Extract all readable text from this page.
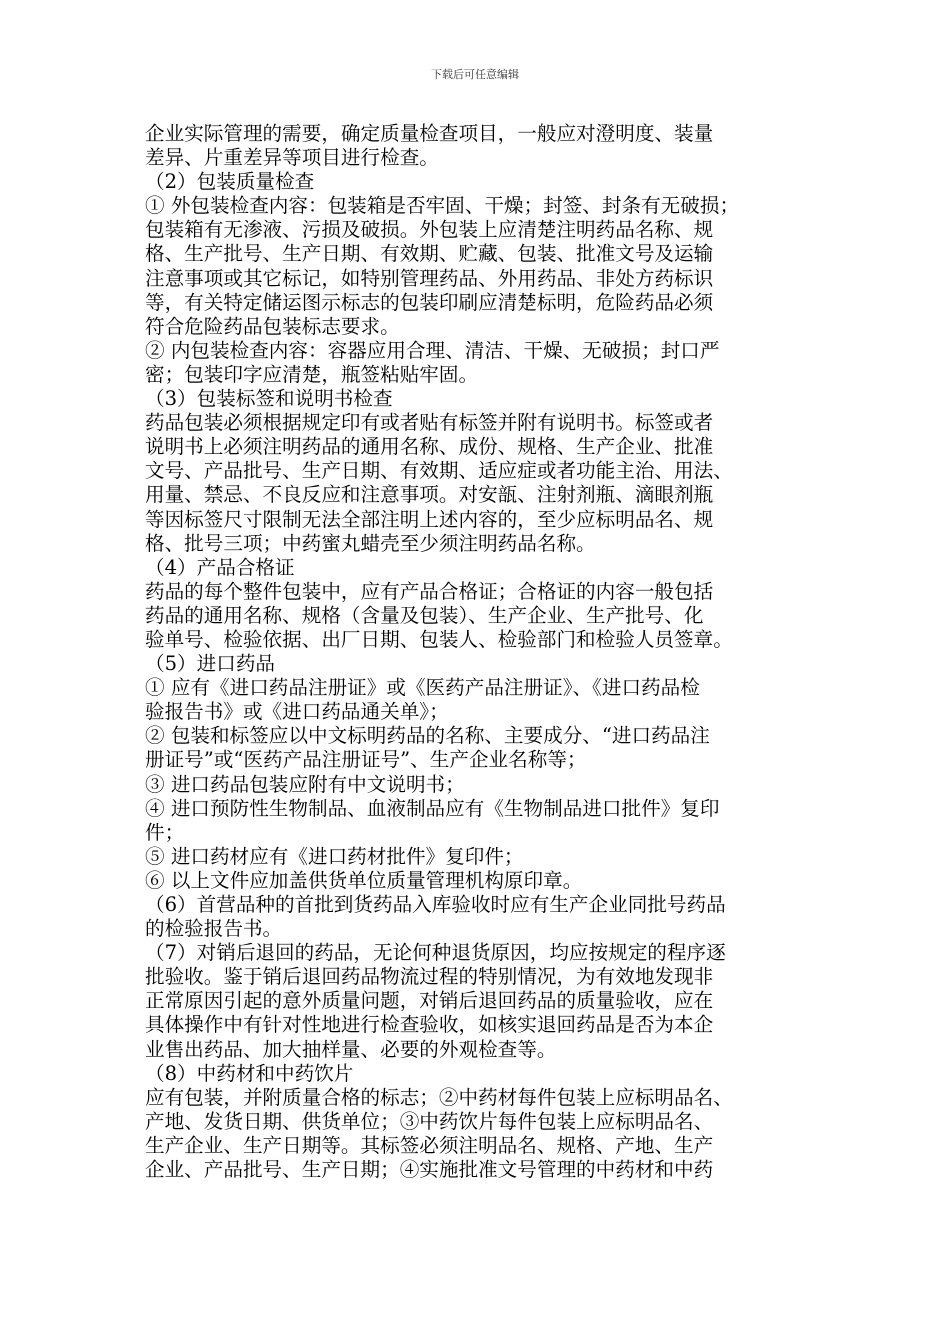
下载后可任意编辑
企业实际管理的需要，确定质量检查项目，一般应对澄明度、装量
差异、片重差异等项目进行检查。
（2）包装质量检查
① 外包装检查内容：包装箱是否牢固、干燥；封签、封条有无破损；
包装箱有无渗液、污损及破损。外包装上应清楚注明药品名称、规
格、生产批号、生产日期、有效期、贮藏、包装、批准文号及运输
注意事项或其它标记，如特别管理药品、外用药品、非处方药标识
等，有关特定储运图示标志的包装印刷应清楚标明，危险药品必须
符合危险药品包装标志要求。
② 内包装检查内容：容器应用合理、清洁、干燥、无破损；封口严
密；包装印字应清楚，瓶签粘贴牢固。
（3）包装标签和说明书检查
药品包装必须根据规定印有或者贴有标签并附有说明书。标签或者
说明书上必须注明药品的通用名称、成份、规格、生产企业、批准
文号、产品批号、生产日期、有效期、适应症或者功能主治、用法、
用量、禁忌、不良反应和注意事项。对安瓿、注射剂瓶、滴眼剂瓶
等因标签尺寸限制无法全部注明上述内容的，至少应标明品名、规
格、批号三项；中药蜜丸蜡壳至少须注明药品名称。
（4）产品合格证
药品的每个整件包装中，应有产品合格证；合格证的内容一般包括
药品的通用名称、规格（含量及包装）、生产企业、生产批号、化
验单号、检验依据、出厂日期、包装人、检验部门和检验人员签章。
（5）进口药品
① 应有《进口药品注册证》或《医药产品注册证》、《进口药品检
验报告书》或《进口药品通关单》；
② 包装和标签应以中文标明药品的名称、主要成分、“进口药品注
册证号”或“医药产品注册证号”、生产企业名称等；
③ 进口药品包装应附有中文说明书；
④ 进口预防性生物制品、血液制品应有《生物制品进口批件》复印
件；
⑤ 进口药材应有《进口药材批件》复印件；
⑥ 以上文件应加盖供货单位质量管理机构原印章。
（6）首营品种的首批到货药品入库验收时应有生产企业同批号药品
的检验报告书。
（7）对销后退回的药品，无论何种退货原因，均应按规定的程序逐
批验收。鉴于销后退回药品物流过程的特别情况，为有效地发现非
正常原因引起的意外质量问题，对销后退回药品的质量验收，应在
具体操作中有针对性地进行检查验收，如核实退回药品是否为本企
业售出药品、加大抽样量、必要的外观检查等。
（8）中药材和中药饮片
应有包装，并附质量合格的标志；②中药材每件包装上应标明品名、
产地、发货日期、供货单位；③中药饮片每件包装上应标明品名、
生产企业、生产日期等。其标签必须注明品名、规格、产地、生产
企业、产品批号、生产日期；④实施批准文号管理的中药材和中药
